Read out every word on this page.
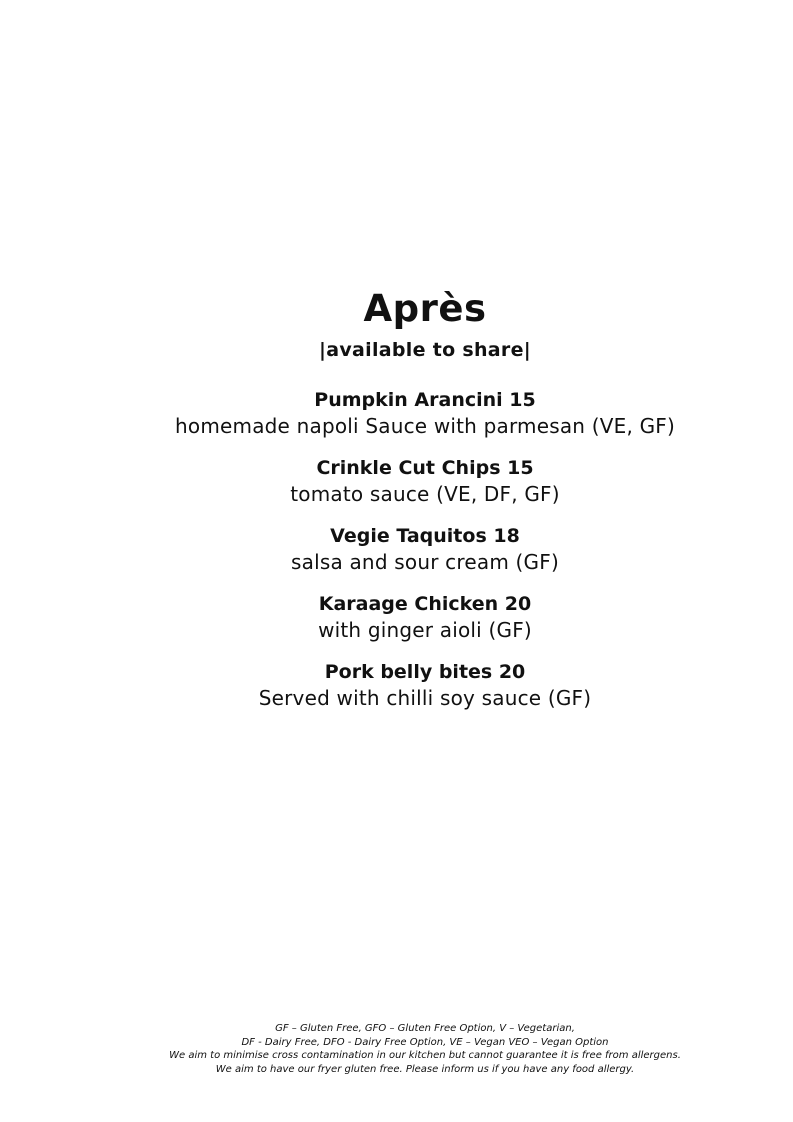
Après
|available to share|
Pumpkin Arancini 15
homemade napoli Sauce with parmesan (VE, GF)
Crinkle Cut Chips 15
tomato sauce (VE, DF, GF)
Vegie Taquitos 18
salsa and sour cream (GF)
Karaage Chicken 20
with ginger aioli (GF)
Pork belly bites 20
Served with chilli soy sauce (GF)
GF – Gluten Free, GFO – Gluten Free Option, V – Vegetarian,
DF - Dairy Free, DFO - Dairy Free Option, VE – Vegan VEO – Vegan Option
We aim to minimise cross contamination in our kitchen but cannot guarantee it is free from allergens.
We aim to have our fryer gluten free. Please inform us if you have any food allergy.
